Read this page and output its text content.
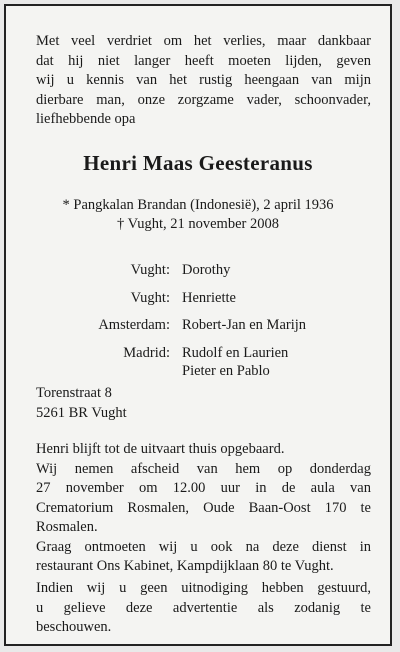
Met veel verdriet om het verlies, maar dankbaar
dat hij niet langer heeft moeten lijden, geven
wij u kennis van het rustig heengaan van mijn
dierbare man, onze zorgzame vader, schoonvader,
liefhebbende opa
Henri Maas Geesteranus
* Pangkalan Brandan (Indonesië), 2 april 1936
† Vught, 21 november 2008
Vught: Dorothy
Vught: Henriette
Amsterdam: Robert-Jan en Marijn
Madrid: Rudolf en Laurien
Pieter en Pablo
Torenstraat 8
5261 BR Vught
Henri blijft tot de uitvaart thuis opgebaard.
Wij nemen afscheid van hem op donderdag
27 november om 12.00 uur in de aula van
Crematorium Rosmalen, Oude Baan-Oost 170 te
Rosmalen.
Graag ontmoeten wij u ook na deze dienst in
restaurant Ons Kabinet, Kampdijklaan 80 te Vught.
Indien wij u geen uitnodiging hebben gestuurd,
u gelieve deze advertentie als zodanig te
beschouwen.
